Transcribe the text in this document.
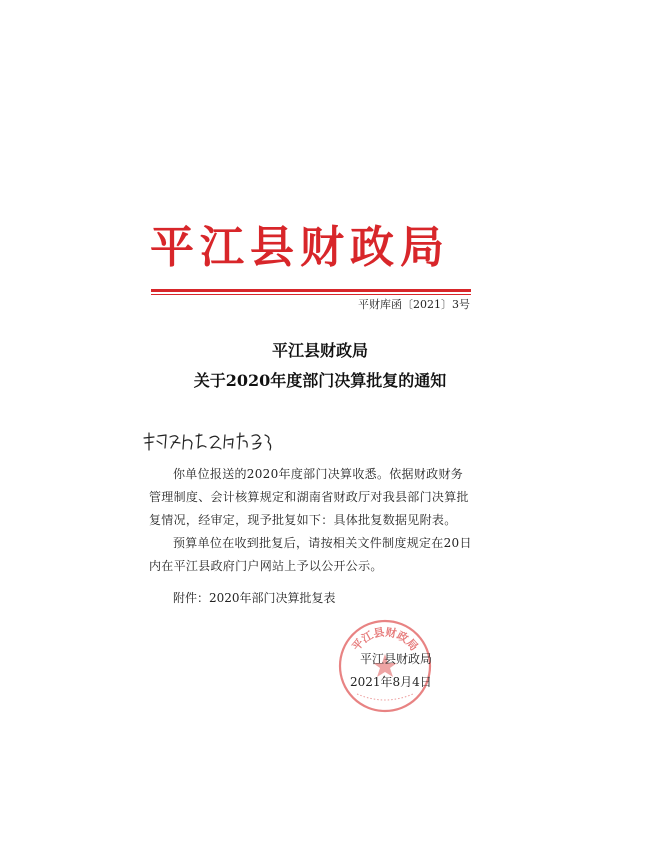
平江县财政局
平财库函〔2021〕3号
平江县财政局
关于2020年度部门决算批复的通知
你单位报送的2020年度部门决算收悉。依据财政财务管理制度、会计核算规定和湖南省财政厅对我县部门决算批复情况，经审定，现予批复如下：具体批复数据见附表。
预算单位在收到批复后，请按相关文件制度规定在20日内在平江县政府门户网站上予以公开公示。
附件：2020年部门决算批复表
平江县财政局
平江县财政局
2021年8月4日
